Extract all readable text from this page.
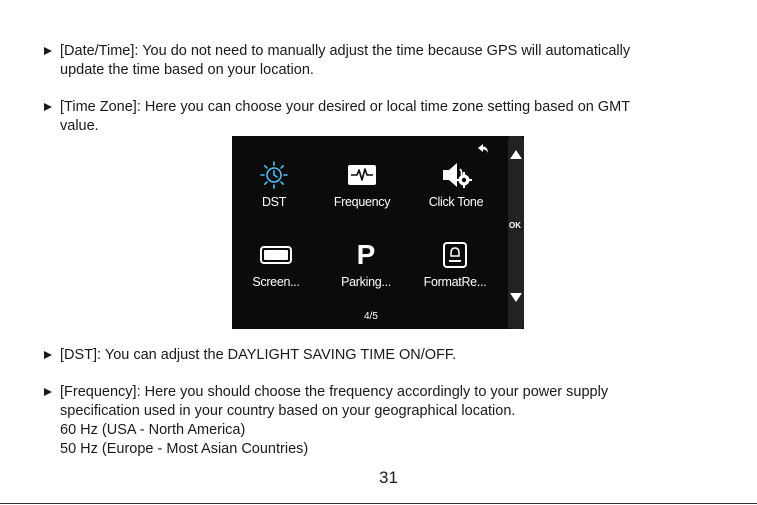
[Date/Time]: You do not need to manually adjust the time because GPS will automatically
update the time based on your location.
[Time Zone]: Here you can choose your desired or local time zone setting based on GMT
value.
DST	Frequency	Click Tone
Screen...
P
Parking...	FormatRe...
4/5
OK
[DST]: You can adjust the DAYLIGHT SAVING TIME ON/OFF.
[Frequency]: Here you should choose the frequency accordingly to your power supply
specification used in your country based on your geographical location.
60 Hz (USA - North America)
50 Hz (Europe - Most Asian Countries)
31
